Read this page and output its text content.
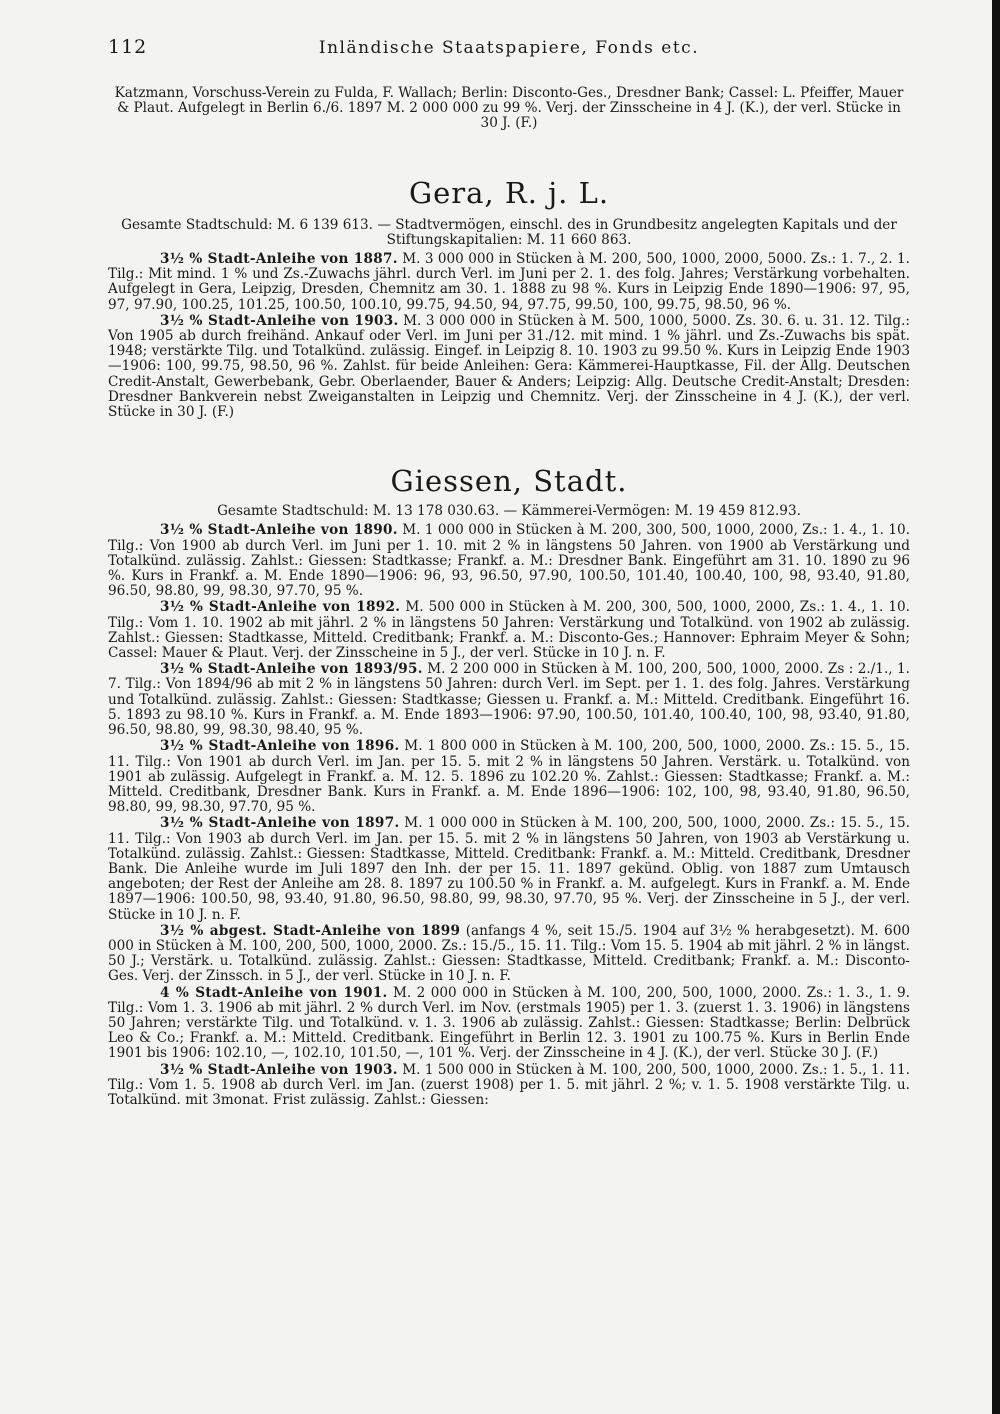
112	Inländische Staatspapiere, Fonds etc.

Katzmann, Vorschuss-Verein zu Fulda, F. Wallach; Berlin: Disconto-Ges., Dresdner Bank; Cassel: L. Pfeiffer, Mauer & Plaut. Aufgelegt in Berlin 6./6. 1897 M. 2 000 000 zu 99 %. Verj. der Zinsscheine in 4 J. (K.), der verl. Stücke in 30 J. (F.)

Gera, R. j. L.

Gesamte Stadtschuld: M. 6 139 613. — Stadtvermögen, einschl. des in Grundbesitz angelegten Kapitals und der Stiftungskapitalien: M. 11 660 863.

3½ % Stadt-Anleihe von 1887. M. 3 000 000 in Stücken à M. 200, 500, 1000, 2000, 5000. Zs.: 1. 7., 2. 1. Tilg.: Mit mind. 1 % und Zs.-Zuwachs jährl. durch Verl. im Juni per 2. 1. des folg. Jahres; Verstärkung vorbehalten. Aufgelegt in Gera, Leipzig, Dresden, Chemnitz am 30. 1. 1888 zu 98 %. Kurs in Leipzig Ende 1890—1906: 97, 95, 97, 97.90, 100.25, 101.25, 100.50, 100.10, 99.75, 94.50, 94, 97.75, 99.50, 100, 99.75, 98.50, 96 %.

3½ % Stadt-Anleihe von 1903. M. 3 000 000 in Stücken à M. 500, 1000, 5000. Zs. 30. 6. u. 31. 12. Tilg.: Von 1905 ab durch freihänd. Ankauf oder Verl. im Juni per 31./12. mit mind. 1 % jährl. und Zs.-Zuwachs bis spät. 1948; verstärkte Tilg. und Totalkünd. zulässig. Eingef. in Leipzig 8. 10. 1903 zu 99.50 %. Kurs in Leipzig Ende 1903—1906: 100, 99.75, 98.50, 96 %. Zahlst. für beide Anleihen: Gera: Kämmerei-Hauptkasse, Fil. der Allg. Deutschen Credit-Anstalt, Gewerbebank, Gebr. Oberlaender, Bauer & Anders; Leipzig: Allg. Deutsche Credit-Anstalt; Dresden: Dresdner Bankverein nebst Zweiganstalten in Leipzig und Chemnitz. Verj. der Zinsscheine in 4 J. (K.), der verl. Stücke in 30 J. (F.)

Giessen, Stadt.

Gesamte Stadtschuld: M. 13 178 030.63. — Kämmerei-Vermögen: M. 19 459 812.93.

3½ % Stadt-Anleihe von 1890. M. 1 000 000 in Stücken à M. 200, 300, 500, 1000, 2000, Zs.: 1. 4., 1. 10. Tilg.: Von 1900 ab durch Verl. im Juni per 1. 10. mit 2 % in längstens 50 Jahren. von 1900 ab Verstärkung und Totalkünd. zulässig. Zahlst.: Giessen: Stadtkasse; Frankf. a. M.: Dresdner Bank. Eingeführt am 31. 10. 1890 zu 96 %. Kurs in Frankf. a. M. Ende 1890—1906: 96, 93, 96.50, 97.90, 100.50, 101.40, 100.40, 100, 98, 93.40, 91.80, 96.50, 98.80, 99, 98.30, 97.70, 95 %.

3½ % Stadt-Anleihe von 1892. M. 500 000 in Stücken à M. 200, 300, 500, 1000, 2000, Zs.: 1. 4., 1. 10. Tilg.: Vom 1. 10. 1902 ab mit jährl. 2 % in längstens 50 Jahren: Verstärkung und Totalkünd. von 1902 ab zulässig. Zahlst.: Giessen: Stadtkasse, Mitteld. Creditbank; Frankf. a. M.: Disconto-Ges.; Hannover: Ephraim Meyer & Sohn; Cassel: Mauer & Plaut. Verj. der Zinsscheine in 5 J., der verl. Stücke in 10 J. n. F.

3½ % Stadt-Anleihe von 1893/95. M. 2 200 000 in Stücken à M. 100, 200, 500, 1000, 2000. Zs : 2./1., 1. 7. Tilg.: Von 1894/96 ab mit 2 % in längstens 50 Jahren: durch Verl. im Sept. per 1. 1. des folg. Jahres. Verstärkung und Totalkünd. zulässig. Zahlst.: Giessen: Stadtkasse; Giessen u. Frankf. a. M.: Mitteld. Creditbank. Eingeführt 16. 5. 1893 zu 98.10 %. Kurs in Frankf. a. M. Ende 1893—1906: 97.90, 100.50, 101.40, 100.40, 100, 98, 93.40, 91.80, 96.50, 98.80, 99, 98.30, 98.40, 95 %.

3½ % Stadt-Anleihe von 1896. M. 1 800 000 in Stücken à M. 100, 200, 500, 1000, 2000. Zs.: 15. 5., 15. 11. Tilg.: Von 1901 ab durch Verl. im Jan. per 15. 5. mit 2 % in längstens 50 Jahren. Verstärk. u. Totalkünd. von 1901 ab zulässig. Aufgelegt in Frankf. a. M. 12. 5. 1896 zu 102.20 %. Zahlst.: Giessen: Stadtkasse; Frankf. a. M.: Mitteld. Creditbank, Dresdner Bank. Kurs in Frankf. a. M. Ende 1896—1906: 102, 100, 98, 93.40, 91.80, 96.50, 98.80, 99, 98.30, 97.70, 95 %.

3½ % Stadt-Anleihe von 1897. M. 1 000 000 in Stücken à M. 100, 200, 500, 1000, 2000. Zs.: 15. 5., 15. 11. Tilg.: Von 1903 ab durch Verl. im Jan. per 15. 5. mit 2 % in längstens 50 Jahren, von 1903 ab Verstärkung u. Totalkünd. zulässig. Zahlst.: Giessen: Stadtkasse, Mitteld. Creditbank: Frankf. a. M.: Mitteld. Creditbank, Dresdner Bank. Die Anleihe wurde im Juli 1897 den Inh. der per 15. 11. 1897 gekünd. Oblig. von 1887 zum Umtausch angeboten; der Rest der Anleihe am 28. 8. 1897 zu 100.50 % in Frankf. a. M. aufgelegt. Kurs in Frankf. a. M. Ende 1897—1906: 100.50, 98, 93.40, 91.80, 96.50, 98.80, 99, 98.30, 97.70, 95 %. Verj. der Zinsscheine in 5 J., der verl. Stücke in 10 J. n. F.

3½ % abgest. Stadt-Anleihe von 1899 (anfangs 4 %, seit 15./5. 1904 auf 3½ % herabgesetzt). M. 600 000 in Stücken à M. 100, 200, 500, 1000, 2000. Zs.: 15./5., 15. 11. Tilg.: Vom 15. 5. 1904 ab mit jährl. 2 % in längst. 50 J.; Verstärk. u. Totalkünd. zulässig. Zahlst.: Giessen: Stadtkasse, Mitteld. Creditbank; Frankf. a. M.: Disconto-Ges. Verj. der Zinssch. in 5 J., der verl. Stücke in 10 J. n. F.

4 % Stadt-Anleihe von 1901. M. 2 000 000 in Stücken à M. 100, 200, 500, 1000, 2000. Zs.: 1. 3., 1. 9. Tilg.: Vom 1. 3. 1906 ab mit jährl. 2 % durch Verl. im Nov. (erstmals 1905) per 1. 3. (zuerst 1. 3. 1906) in längstens 50 Jahren; verstärkte Tilg. und Totalkünd. v. 1. 3. 1906 ab zulässig. Zahlst.: Giessen: Stadtkasse; Berlin: Delbrück Leo & Co.; Frankf. a. M.: Mitteld. Creditbank. Eingeführt in Berlin 12. 3. 1901 zu 100.75 %. Kurs in Berlin Ende 1901 bis 1906: 102.10, —, 102.10, 101.50, —, 101 %. Verj. der Zinsscheine in 4 J. (K.), der verl. Stücke 30 J. (F.)

3½ % Stadt-Anleihe von 1903. M. 1 500 000 in Stücken à M. 100, 200, 500, 1000, 2000. Zs.: 1. 5., 1. 11. Tilg.: Vom 1. 5. 1908 ab durch Verl. im Jan. (zuerst 1908) per 1. 5. mit jährl. 2 %; v. 1. 5. 1908 verstärkte Tilg. u. Totalkünd. mit 3monat. Frist zulässig. Zahlst.: Giessen:
